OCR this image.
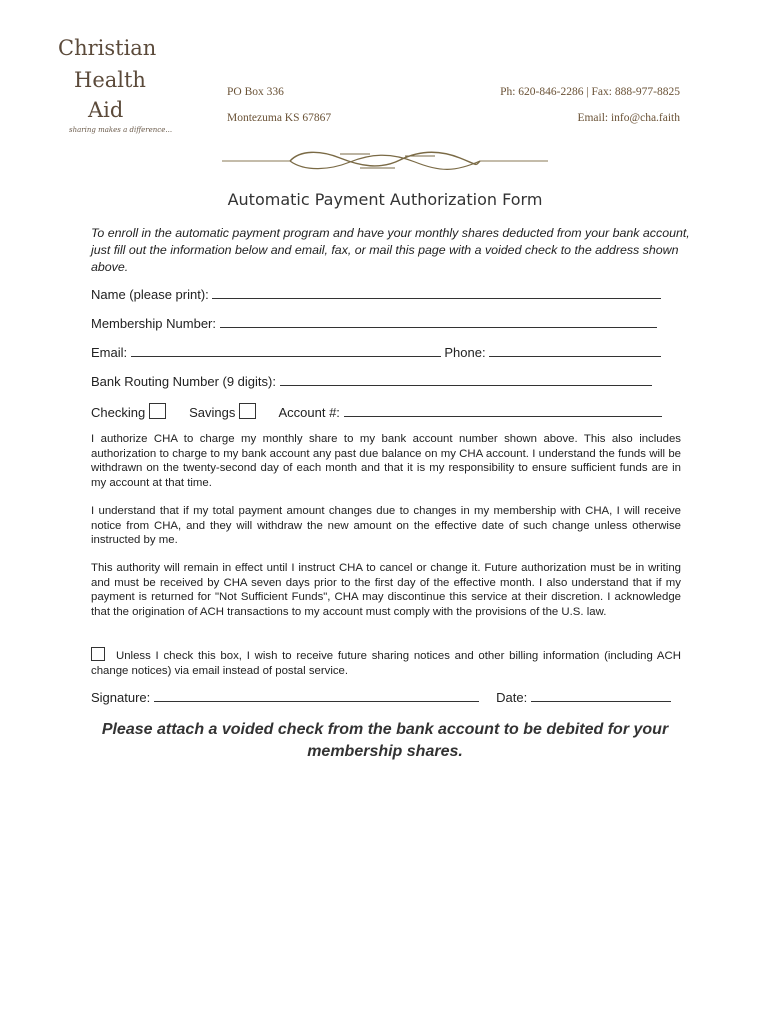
Christian
Health
Aid
sharing makes a difference...
PO Box 336
Montezuma KS 67867
Ph: 620-846-2286 | Fax: 888-977-8825
Email: info@cha.faith
Automatic Payment Authorization Form
To enroll in the automatic payment program and have your monthly shares deducted from your bank account, just fill out the information below and email, fax, or mail this page with a voided check to the address shown above.
Name (please print):
Membership Number:
Email:	Phone:
Bank Routing Number (9 digits):
Checking	Savings	Account #:
I authorize CHA to charge my monthly share to my bank account number shown above. This also includes authorization to charge to my bank account any past due balance on my CHA account. I understand the funds will be withdrawn on the twenty-second day of each month and that it is my responsibility to ensure sufficient funds are in my account at that time.
I understand that if my total payment amount changes due to changes in my membership with CHA, I will receive notice from CHA, and they will withdraw the new amount on the effective date of such change unless otherwise instructed by me.
This authority will remain in effect until I instruct CHA to cancel or change it. Future authorization must be in writing and must be received by CHA seven days prior to the first day of the effective month. I also understand that if my payment is returned for "Not Sufficient Funds", CHA may discontinue this service at their discretion. I acknowledge that the origination of ACH transactions to my account must comply with the provisions of the U.S. law.
Unless I check this box, I wish to receive future sharing notices and other billing information (including ACH change notices) via email instead of postal service.
Signature:	Date:
Please attach a voided check from the bank account to be debited for your
membership shares.
